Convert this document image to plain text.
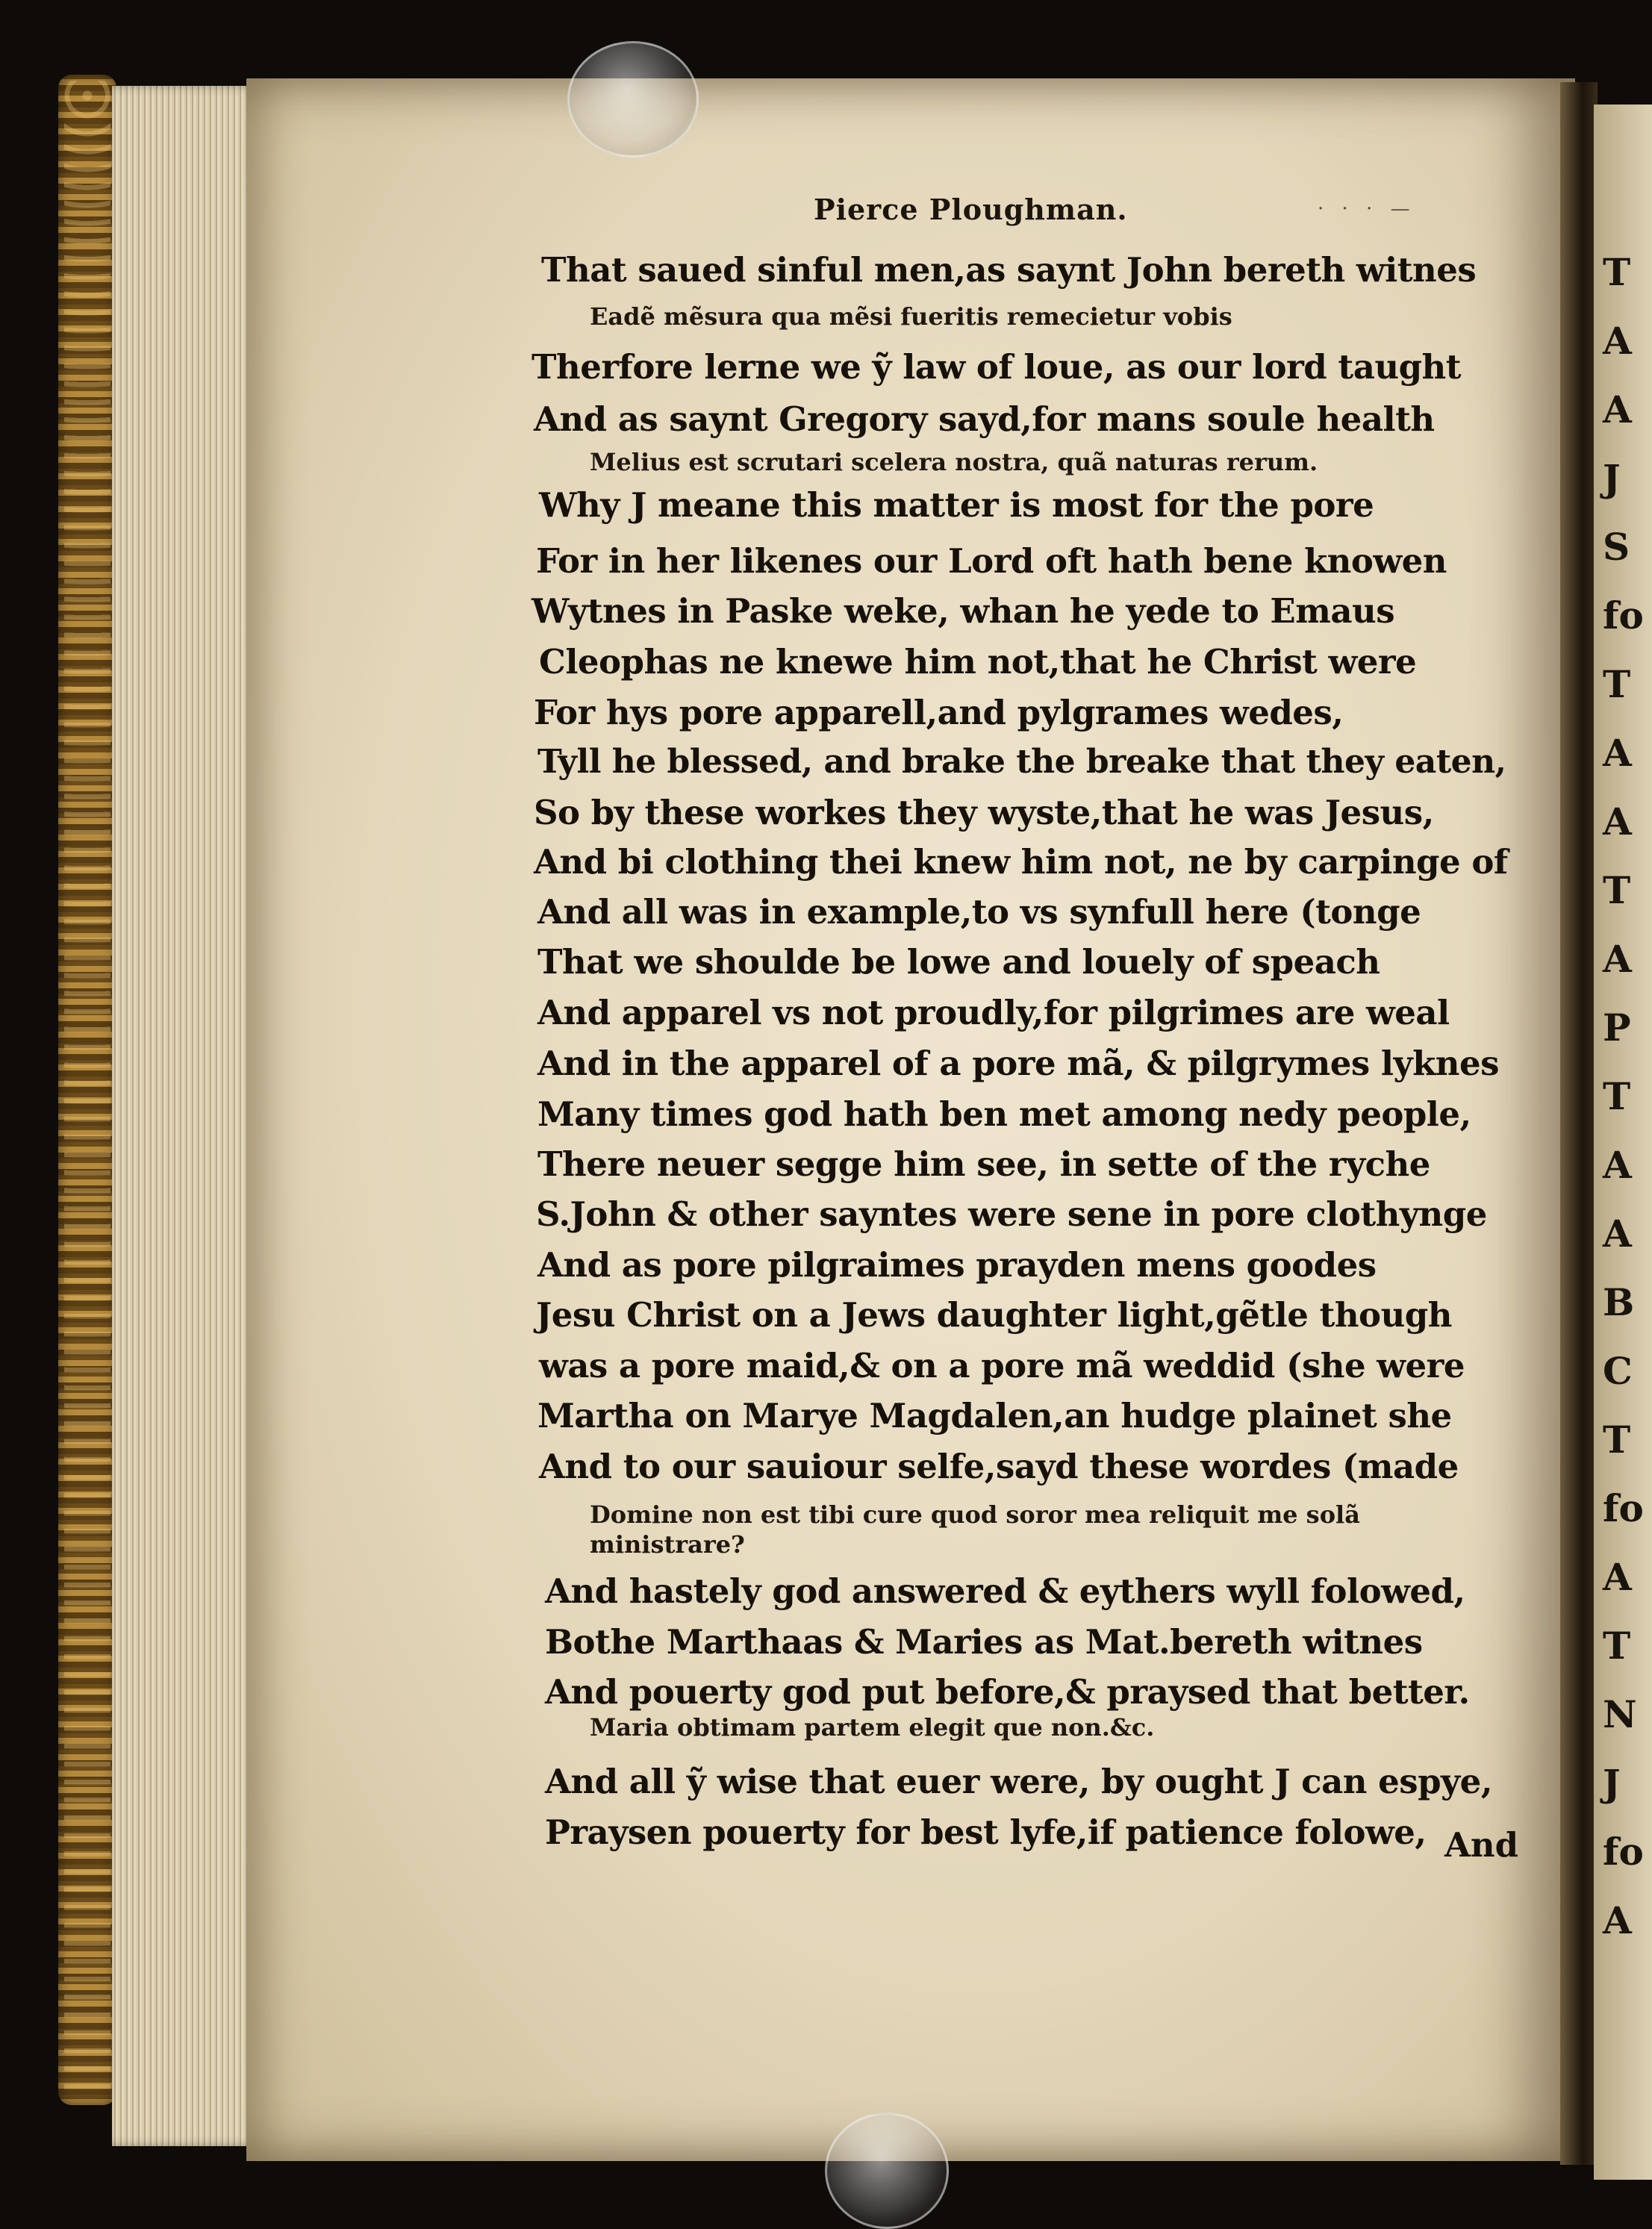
T
A
A
J
S
fo
T
A
A
T
A
P
T
A
A
B
C
T
fo
A
T
N
J
fo
A
Pierce Ploughman.
That saued sinful men,as saynt John bereth witnes
Eadẽ mẽsura qua mẽsi fueritis remecietur vobis
Therfore lerne we ỹ law of loue, as our lord taught
And as saynt Gregory sayd,for mans soule health
Melius est scrutari scelera nostra, quã naturas rerum.
Why J meane this matter is most for the pore
For in her likenes our Lord oft hath bene knowen
Wytnes in Paske weke, whan he yede to Emaus
Cleophas ne knewe him not,that he Christ were
For hys pore apparell,and pylgrames wedes,
Tyll he blessed, and brake the breake that they eaten,
So by these workes they wyste,that he was Jesus,
And bi clothing thei knew him not, ne by carpinge of
And all was in example,to vs synfull here (tonge
That we shoulde be lowe and louely of speach
And apparel vs not proudly,for pilgrimes are weal
And in the apparel of a pore mã, & pilgrymes lyknes
Many times god hath ben met among nedy people,
There neuer segge him see, in sette of the ryche
S.John & other sayntes were sene in pore clothynge
And as pore pilgraimes prayden mens goodes
Jesu Christ on a Jews daughter light,gẽtle though
was a pore maid,& on a pore mã weddid (she were
Martha on Marye Magdalen,an hudge plainet she
And to our sauiour selfe,sayd these wordes (made
Domine non est tibi cure quod soror mea reliquit me solã
ministrare?
And hastely god answered & eythers wyll folowed,
Bothe Marthaas & Maries as Mat.bereth witnes
And pouerty god put before,& praysed that better.
Maria obtimam partem elegit que non.&c.
And all ỹ wise that euer were, by ought J can espye,
Praysen pouerty for best lyfe,if patience folowe, And
